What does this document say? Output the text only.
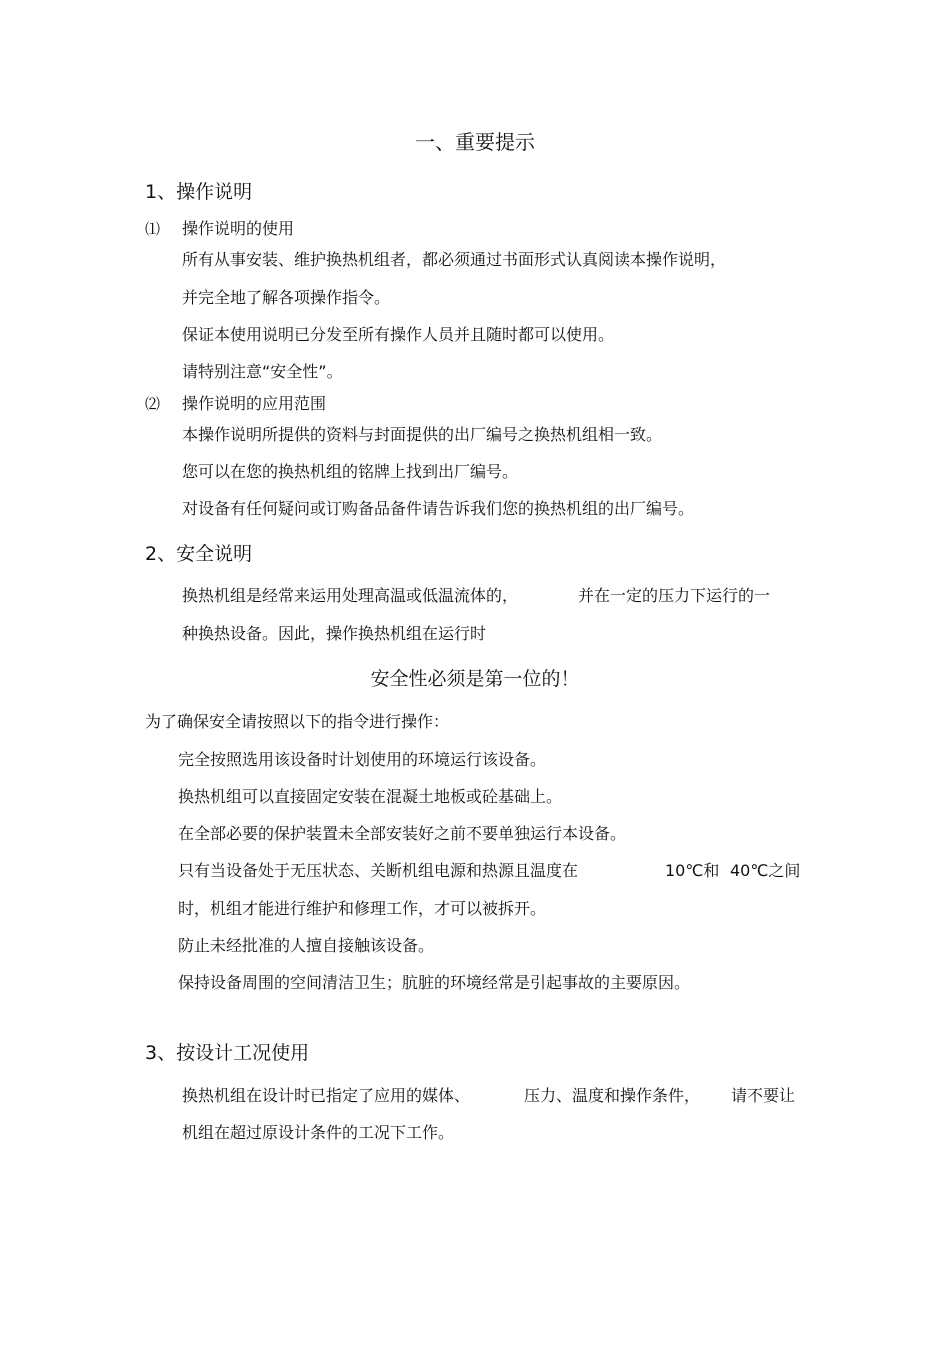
一、重要提示
1、操作说明
⑴ 操作说明的使用
所有从事安装、维护换热机组者，都必须通过书面形式认真阅读本操作说明，
并完全地了解各项操作指令。
保证本使用说明已分发至所有操作人员并且随时都可以使用。
请特别注意“安全性”。
⑵ 操作说明的应用范围
本操作说明所提供的资料与封面提供的出厂编号之换热机组相一致。
您可以在您的换热机组的铭牌上找到出厂编号。
对设备有任何疑问或订购备品备件请告诉我们您的换热机组的出厂编号。
2、安全说明
换热机组是经常来运用处理高温或低温流体的，	并在一定的压力下运行的一
种换热设备。因此，操作换热机组在运行时
安全性必须是第一位的！
为了确保安全请按照以下的指令进行操作：
完全按照选用该设备时计划使用的环境运行该设备。
换热机组可以直接固定安装在混凝土地板或砼基础上。
在全部必要的保护装置未全部安装好之前不要单独运行本设备。
只有当设备处于无压状态、关断机组电源和热源且温度在	10℃和 40℃之间
时，机组才能进行维护和修理工作，才可以被拆开。
防止未经批准的人擅自接触该设备。
保持设备周围的空间清洁卫生；肮脏的环境经常是引起事故的主要原因。
3、按设计工况使用
换热机组在设计时已指定了应用的媒体、	压力、温度和操作条件， 请不要让
机组在超过原设计条件的工况下工作。
